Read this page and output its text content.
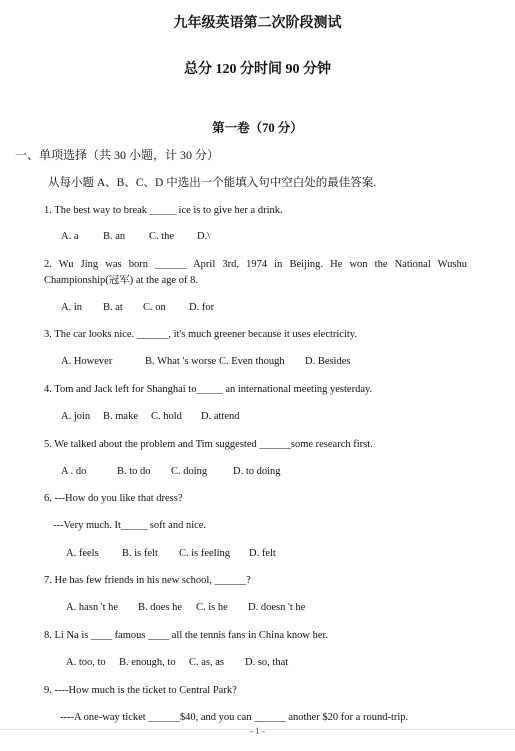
九年级英语第二次阶段测试
总分 120 分时间 90 分钟
第一卷（70 分）
一、单项选择（共 30 小题，计 30 分）
从每小题 A、B、C、D 中选出一个能填入句中空白处的最佳答案.
1. The best way to break _____ ice is to give her a drink.
A. a B. an C. the D.\
2. Wu Jing was born ______ April 3rd, 1974 in Beijing. He won the National Wushu Championship(冠军) at the age of 8.
A. in B. at C. on D. for
3. The car looks nice. ______, it's much greener because it uses electricity.
A. However	B. What 's worse C. Even though D. Besides
4. Tom and Jack left for Shanghai to_____ an international meeting yesterday.
A. join B. make C. hold D. attend
5. We talked about the problem and Tim suggested ______some research first.
A . do	B. to do C. doing D. to doing
6. ---How do you like that dress?
---Very much. It_____ soft and nice.
A. feels B. is felt C. is feeling D. felt
7. He has few friends in his new school, ______?
A. hasn 't he B. does he C. is he D. doesn 't he
8. Li Na is ____ famous ____ all the tennis fans in China know her.
A. too, to B. enough, to C. as, as D. so, that
9. ----How much is the ticket to Central Park?
----A one-way ticket ______$40, and you can ______ another $20 for a round-trip.
- 1 -
